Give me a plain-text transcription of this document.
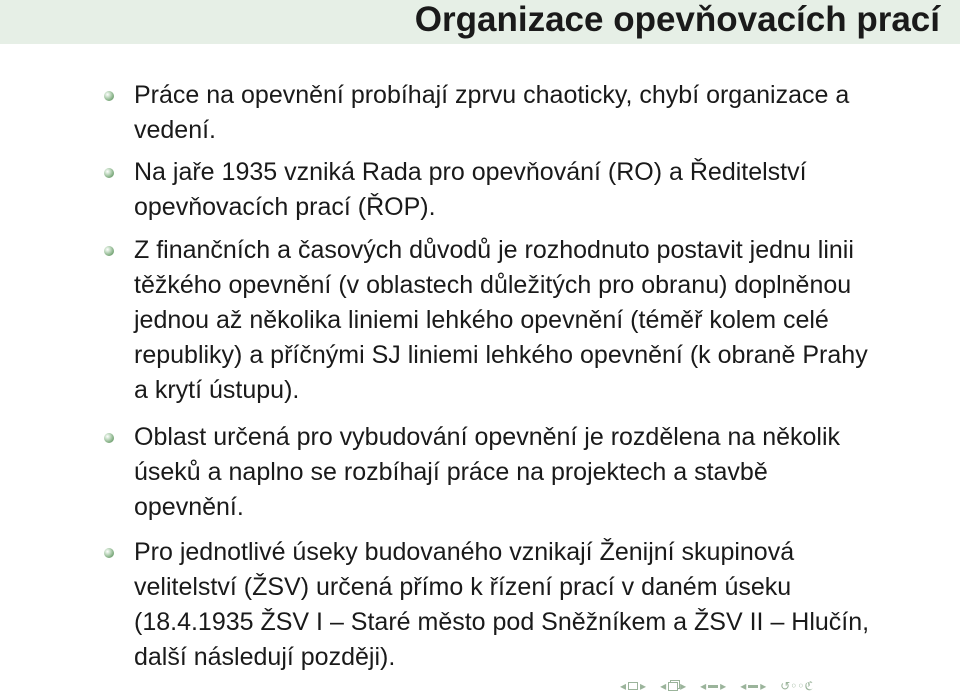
Organizace opevňovacích prací
Práce na opevnění probíhají zprvu chaoticky, chybí organizace a vedení.
Na jaře 1935 vzniká Rada pro opevňování (RO) a Ředitelství opevňovacích prací (ŘOP).
Z finančních a časových důvodů je rozhodnuto postavit jednu linii těžkého opevnění (v oblastech důležitých pro obranu) doplněnou jednou až několika liniemi lehkého opevnění (téměř kolem celé republiky) a příčnými SJ liniemi lehkého opevnění (k obraně Prahy a krytí ústupu).
Oblast určená pro vybudování opevnění je rozdělena na několik úseků a naplno se rozbíhají práce na projektech a stavbě opevnění.
Pro jednotlivé úseky budovaného vznikají Ženijní skupinová velitelství (ŽSV) určená přímo k řízení prací v daném úseku (18.4.1935 ŽSV I – Staré město pod Sněžníkem a ŽSV II – Hlučín, další následují později).
◂ ▸ ◂ ▸ ◂ ▸ ◂ ▸ ↺◦◦ℭ
